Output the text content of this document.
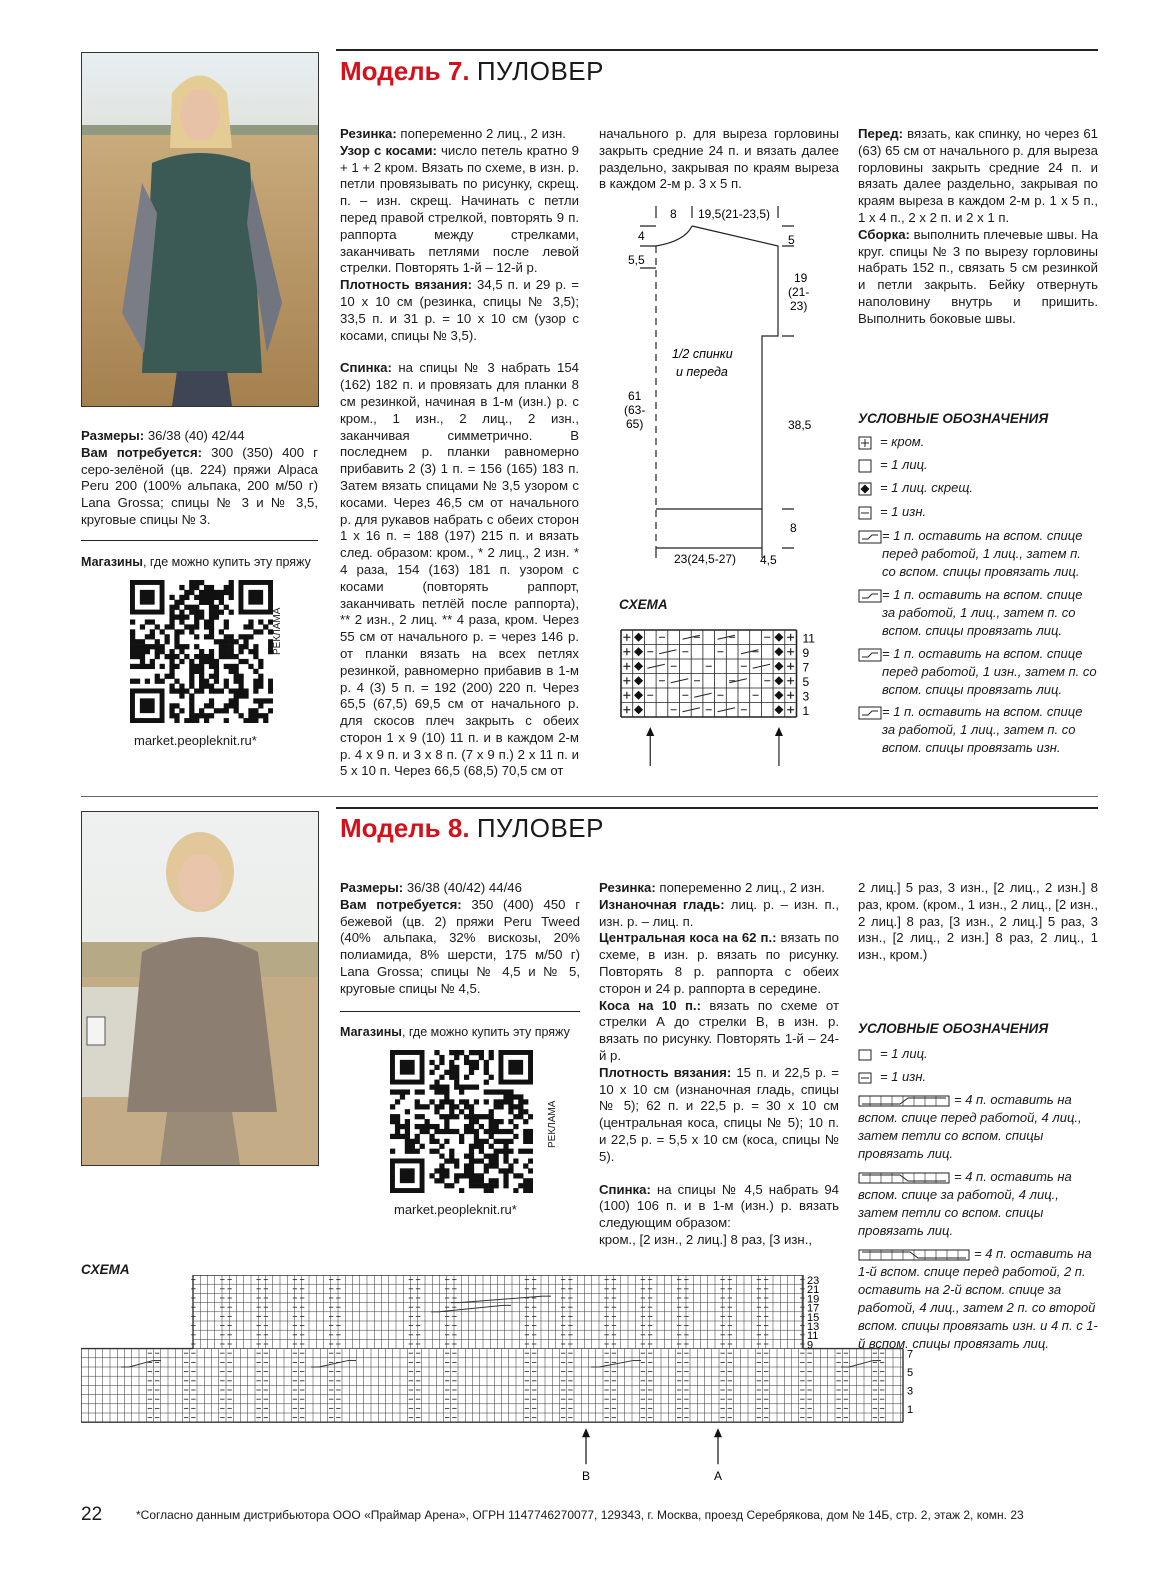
Модель 7. ПУЛОВЕР

Размеры: 36/38 (40) 42/44

Вам потребуется: 300 (350) 400 г серо-зелёной (цв. 224) пряжи Alpaca Peru 200 (100% альпака, 200 м/50 г) Lana Grossa; спицы № 3 и № 3,5, круговые спицы № 3.

Магазины, где можно купить эту пряжу
РЕКЛАМА
market.peopleknit.ru*

Резинка: попеременно 2 лиц., 2 изн.

Узор с косами: число петель кратно 9 + 1 + 2 кром. Вязать по схеме, в изн. р. петли провязывать по рисунку, скрещ. п. – изн. скрещ. Начинать с петли перед правой стрелкой, повторять 9 п. раппорта между стрелками, заканчивать петлями после левой стрелки. Повторять 1-й – 12-й р.

Плотность вязания: 34,5 п. и 29 р. = 10 х 10 см (резинка, спицы № 3,5); 33,5 п. и 31 р. = 10 х 10 см (узор с косами, спицы № 3,5).

Спинка: на спицы № 3 набрать 154 (162) 182 п. и провязать для планки 8 см резинкой, начиная в 1-м (изн.) р. с кром., 1 изн., 2 лиц., 2 изн., заканчивая симметрично. В последнем р. планки равномерно прибавить 2 (3) 1 п. = 156 (165) 183 п. Затем вязать спицами № 3,5 узором с косами. Через 46,5 см от начального р. для рукавов набрать с обеих сторон 1 х 16 п. = 188 (197) 215 п. и вязать след. образом: кром., * 2 лиц., 2 изн. * 4 раза, 154 (163) 181 п. узором с косами (повторять раппорт, заканчивать петлёй после раппорта), ** 2 изн., 2 лиц. ** 4 раза, кром. Через 55 см от начального р. = через 146 р. от планки вязать на всех петлях резинкой, равномерно прибавив в 1-м р. 4 (3) 5 п. = 192 (200) 220 п. Через 65,5 (67,5) 69,5 см от начального р. для скосов плеч закрыть с обеих сторон 1 х 9 (10) 11 п. и в каждом 2-м р. 4 х 9 п. и 3 х 8 п. (7 х 9 п.) 2 х 11 п. и 5 х 10 п. Через 66,5 (68,5) 70,5 см от

начального р. для выреза горловины закрыть средние 24 п. и вязать далее раздельно, закрывая по краям выреза в каждом 2-м р. 3 х 5 п.
8 19,5(21-23,5)
4
5,5
5
19
(21-
23)
1/2 спинки
и переда
61
(63-
65)	38,5
8
23(24,5-27) 4,5
СХЕМА
11
9
7
5
3
1

Перед: вязать, как спинку, но через 61 (63) 65 см от начального р. для выреза горловины закрыть средние 24 п. и вязать далее раздельно, закрывая по краям выреза в каждом 2-м р. 1 х 5 п., 1 х 4 п., 2 х 2 п. и 2 х 1 п.

Сборка: выполнить плечевые швы. На круг. спицы № 3 по вырезу горловины набрать 152 п., связать 5 см резинкой и петли закрыть. Бейку отвернуть наполовину внутрь и пришить. Выполнить боковые швы.

УСЛОВНЫЕ ОБОЗНАЧЕНИЯ
= кром.
= 1 лиц.
= 1 лиц. скрещ.
= 1 изн.
= 1 п. оставить на вспом. спице перед работой, 1 лиц., затем п. со вспом. спицы провязать лиц.
= 1 п. оставить на вспом. спице за работой, 1 лиц., затем п. со вспом. спицы провязать лиц.
= 1 п. оставить на вспом. спице перед работой, 1 изн., затем п. со вспом. спицы провязать лиц.
= 1 п. оставить на вспом. спице за работой, 1 лиц., затем п. со вспом. спицы провязать изн.
Модель 8. ПУЛОВЕР

Размеры: 36/38 (40/42) 44/46

Вам потребуется: 350 (400) 450 г бежевой (цв. 2) пряжи Peru Tweed (40% альпака, 32% вискозы, 20% полиамида, 8% шерсти, 175 м/50 г) Lana Grossa; спицы № 4,5 и № 5, круговые спицы № 4,5.

Магазины, где можно купить эту пряжу
РЕКЛАМА
market.peopleknit.ru*

Резинка: попеременно 2 лиц., 2 изн.

Изнаночная гладь: лиц. р. – изн. п., изн. р. – лиц. п.

Центральная коса на 62 п.: вязать по схеме, в изн. р. вязать по рисунку. Повторять 8 р. раппорта с обеих сторон и 24 р. раппорта в середине.

Коса на 10 п.: вязать по схеме от стрелки А до стрелки В, в изн. р. вязать по рисунку. Повторять 1-й – 24-й р.

Плотность вязания: 15 п. и 22,5 р. = 10 х 10 см (изнаночная гладь, спицы № 5); 62 п. и 22,5 р. = 30 х 10 см (центральная коса, спицы № 5); 10 п. и 22,5 р. = 5,5 х 10 см (коса, спицы № 5).

Спинка: на спицы № 4,5 набрать 94 (100) 106 п. и в 1-м (изн.) р. вязать следующим образом:

кром., [2 изн., 2 лиц.] 8 раз, [3 изн.,

2 лиц.] 5 раз, 3 изн., [2 лиц., 2 изн.] 8 раз, кром. (кром., 1 изн., 2 лиц., [2 изн., 2 лиц.] 8 раз, [3 изн., 2 лиц.] 5 раз, 3 изн., [2 лиц., 2 изн.] 8 раз, 2 лиц., 1 изн., кром.)
УСЛОВНЫЕ ОБОЗНАЧЕНИЯ
= 1 лиц.
= 1 изн.
= 4 п. оставить на вспом. спице перед работой, 4 лиц., затем петли со вспом. спицы провязать лиц.
= 4 п. оставить на вспом. спице за работой, 4 лиц., затем петли со вспом. спицы провязать лиц.
= 4 п. оставить на 1-й вспом. спице перед работой, 2 п. оставить на 2-й вспом. спице за работой, 4 лиц., затем 2 п. со второй вспом. спицы провязать изн. и 4 п. с 1-й вспом. спицы провязать лиц.
СХЕМА
23
21
19
17
15
13
11
9
7
5
3
1
B	A
22	*Согласно данным дистрибьютора ООО «Праймар Арена», ОГРН 1147746270077, 129343, г. Москва, проезд Серебрякова, дом № 14Б, стр. 2, этаж 2, комн. 23
